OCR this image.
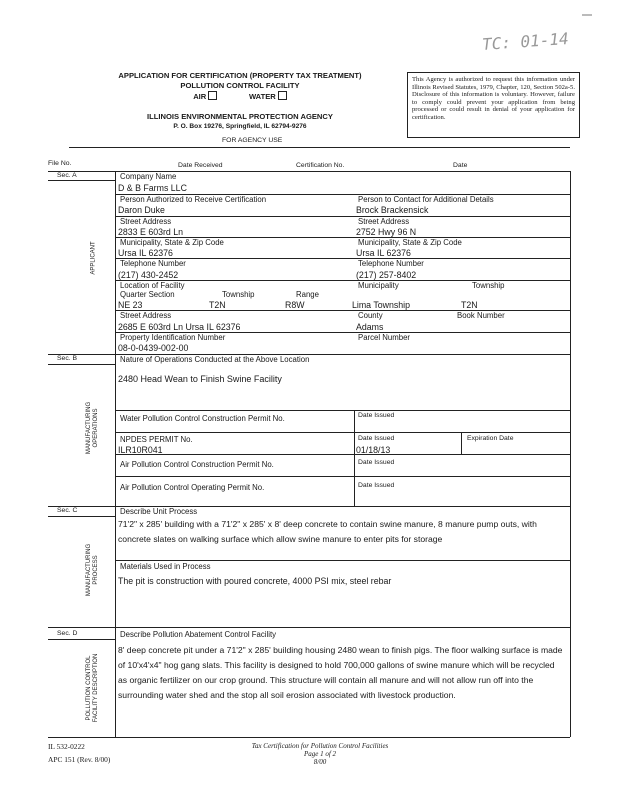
TC: 01-14
APPLICATION FOR CERTIFICATION (PROPERTY TAX TREATMENT)
POLLUTION CONTROL FACILITY
AIR	WATER
ILLINOIS ENVIRONMENTAL PROTECTION AGENCY
P. O. Box 19276, Springfield, IL 62794-9276
This Agency is authorized to request this information under Illinois Revised Statutes, 1979, Chapter, 120, Section 502a-5. Disclosure of this information is voluntary. However, failure to comply could prevent your application from being processed or could result in denial of your application for certification.
FOR AGENCY USE
File No.	Date Received	Certification No.	Date
Sec. A
APPLICANT
Company Name
D & B Farms LLC
Person Authorized to Receive Certification
Daron Duke
Person to Contact for Additional Details
Brock Brackensick
Street Address
2833 E 603rd Ln
Street Address
2752 Hwy 96 N
Municipality, State & Zip Code
Ursa IL 62376
Municipality, State & Zip Code
Ursa IL 62376
Telephone Number
(217) 430-2452
Telephone Number
(217) 257-8402
Location of Facility
Quarter Section	Township	Range
NE 23	T2N	R8W
Municipality	Township
Lima Township	T2N
Street Address
2685 E 603rd Ln Ursa IL 62376
County
Adams
Book Number
Property Identification Number
08-0-0439-002-00
Parcel Number
Sec. B
MANUFACTURING
OPERATIONS
Nature of Operations Conducted at the Above Location
2480 Head Wean to Finish Swine Facility
Water Pollution Control Construction Permit No.	Date Issued
NPDES PERMIT No.
ILR10R041
Date Issued
01/18/13
Expiration Date
Air Pollution Control Construction Permit No.	Date Issued
Air Pollution Control Operating Permit No.	Date Issued
Sec. C
MANUFACTURING
PROCESS
Describe Unit Process
71'2" x 285' building with a 71'2" x 285' x 8' deep concrete to contain swine manure, 8 manure pump outs, with concrete slates on walking surface which allow swine manure to enter pits for storage
Materials Used in Process
The pit is construction with poured concrete, 4000 PSI mix, steel rebar
Sec. D
POLLUTION CONTROL
FACILITY DESCRIPTION
Describe Pollution Abatement Control Facility
8' deep concrete pit under a 71'2" x 285' building housing 2480 wean to finish pigs. The floor walking surface is made of 10'x4'x4" hog gang slats. This facility is designed to hold 700,000 gallons of swine manure which will be recycled as organic fertilizer on our crop ground. This structure will contain all manure and will not allow run off into the surrounding water shed and the stop all soil erosion associated with livestock production.
IL 532-0222
APC 151 (Rev. 8/00)
Tax Certification for Pollution Control Facilities
Page 1 of 2
8/00
